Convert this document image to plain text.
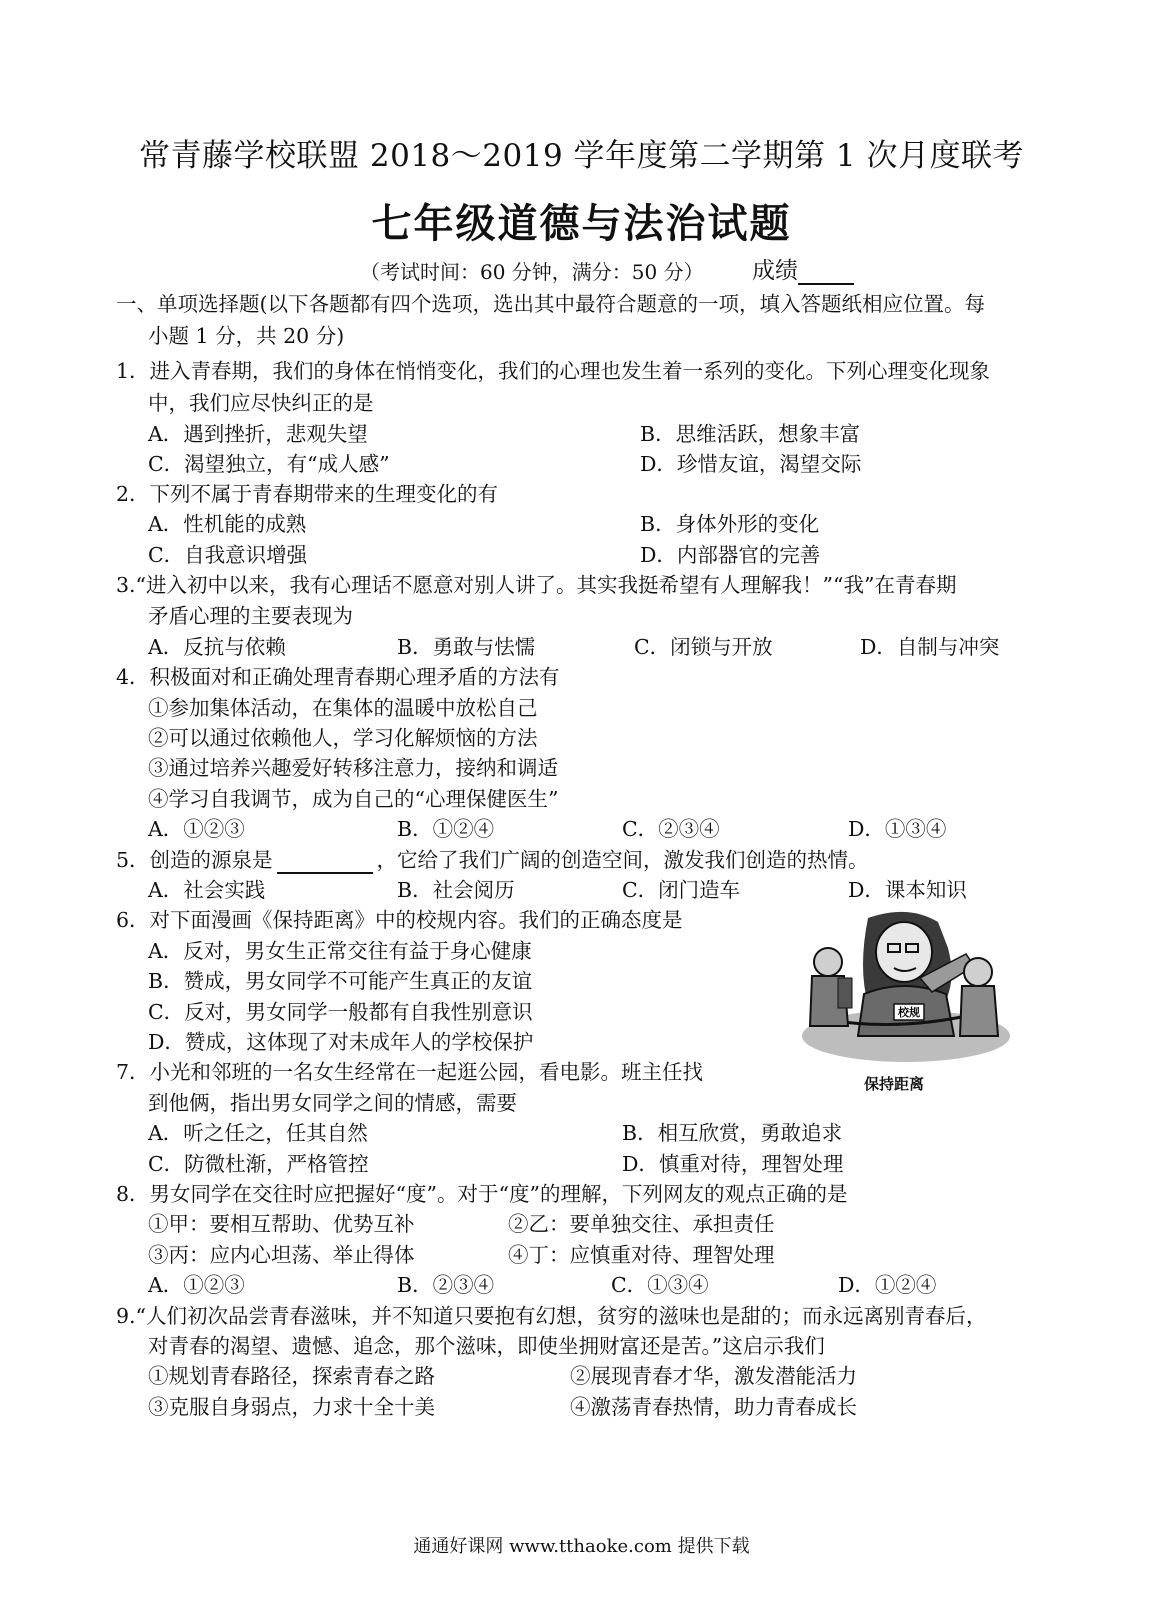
常青藤学校联盟 2018～2019 学年度第二学期第 1 次月度联考
七年级道德与法治试题
（考试时间：60 分钟，满分：50 分） 成绩
一、单项选择题(以下各题都有四个选项，选出其中最符合题意的一项，填入答题纸相应位置。每
小题 1 分，共 20 分)
1．进入青春期，我们的身体在悄悄变化，我们的心理也发生着一系列的变化。下列心理变化现象
中，我们应尽快纠正的是
A．遇到挫折，悲观失望	B．思维活跃，想象丰富
C．渴望独立，有“成人感”	D．珍惜友谊，渴望交际
2．下列不属于青春期带来的生理变化的有
A．性机能的成熟	B．身体外形的变化
C．自我意识增强	D．内部器官的完善
3.“进入初中以来，我有心理话不愿意对别人讲了。其实我挺希望有人理解我！”“我”在青春期
矛盾心理的主要表现为
A．反抗与依赖	B．勇敢与怯懦	C．闭锁与开放	D．自制与冲突
4．积极面对和正确处理青春期心理矛盾的方法有
①参加集体活动，在集体的温暖中放松自己
②可以通过依赖他人，学习化解烦恼的方法
③通过培养兴趣爱好转移注意力，接纳和调适
④学习自我调节，成为自己的“心理保健医生”
A．①②③	B．①②④	C．②③④	D．①③④
5．创造的源泉是	，它给了我们广阔的创造空间，激发我们创造的热情。
A．社会实践	B．社会阅历	C．闭门造车	D．课本知识
6．对下面漫画《保持距离》中的校规内容。我们的正确态度是
A．反对，男女生正常交往有益于身心健康
B．赞成，男女同学不可能产生真正的友谊
C．反对，男女同学一般都有自我性别意识
D．赞成，这体现了对未成年人的学校保护
校规
保持距离
7．小光和邻班的一名女生经常在一起逛公园，看电影。班主任找
到他俩，指出男女同学之间的情感，需要
A．听之任之，任其自然	B．相互欣赏，勇敢追求
C．防微杜渐，严格管控	D．慎重对待，理智处理
8．男女同学在交往时应把握好“度”。对于“度”的理解，下列网友的观点正确的是
①甲：要相互帮助、优势互补	②乙：要单独交往、承担责任
③丙：应内心坦荡、举止得体	④丁：应慎重对待、理智处理
A．①②③	B．②③④	C．①③④	D．①②④
9.“人们初次品尝青春滋味，并不知道只要抱有幻想，贫穷的滋味也是甜的；而永远离别青春后，
对青春的渴望、遗憾、追念，那个滋味，即使坐拥财富还是苦。”这启示我们
①规划青春路径，探索青春之路	②展现青春才华，激发潜能活力
③克服自身弱点，力求十全十美	④激荡青春热情，助力青春成长
通通好课网 www.tthaoke.com 提供下载
